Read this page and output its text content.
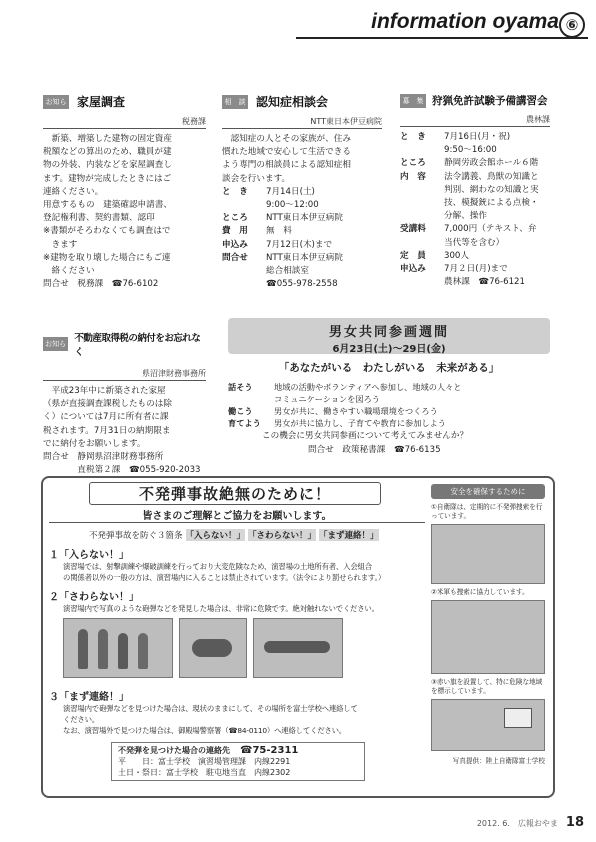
information oyama ⑥
お知らせ
家屋調査
税務課

　新築、増築した建物の固定資産

税額などの算出のため、職員が建

物の外装、内装などを家屋調査し

ます。建物が完成したときにはご

連絡ください。

用意するもの　建築確認申請書、

登記権利書、契約書類、認印

※書類がそろわなくても調査はで

　きます

※建物を取り壊した場合にもご連

　絡ください

問合せ　税務課　☎76-6102

お知らせ
不動産取得税の納付をお忘れなく
県沼津財務事務所

　平成23年中に新築された家屋

（県が直接調査課税したものは除

く）については7月に所有者に課

税されます。7月31日の納期限ま

でに納付をお願いします。

問合せ　静岡県沼津財務事務所

　　　　直税第２課　☎055-920-2033

相　談 認知症相談会
NTT東日本伊豆病院

　認知症の人とその家族が、住み

慣れた地域で安心して生活できる

よう専門の相談員による認知症相

談会を行います。

と　き	7月14日(土)
9:00～12:00
ところ	NTT東日本伊豆病院
費　用	無　料
申込み	7月12日(木)まで
問合せ	NTT東日本伊豆病院
総合相談室
☎055-978-2558
募　集 狩猟免許試験予備講習会
農林課
と　き	7月16日(月・祝)
9:50～16:00
ところ	静岡労政会館ホール６階
内　容	法令講義、鳥獣の知識と
判別、網わなの知識と実
技、模擬銃による点検・
分解、操作
受講料	7,000円（テキスト、弁
当代等を含む）
定　員	300人
申込み	7月２日(月)まで
農林課　☎76-6121
男女共同参画週間
6月23日(土)～29日(金)
「あなたがいる　わたしがいる　未来がある」
話そう	地域の活動やボランティアへ参加し、地域の人々と
コミュニケーションを図ろう
働こう	男女が共に、働きやすい職場環境をつくろう
育てよう	男女が共に協力し、子育てや教育に参加しよう
この機会に男女共同参画について考えてみませんか？
問合せ　政策秘書課　☎76-6135
不発弾事故絶無のために！
皆さまのご理解とご協力をお願いします。
不発弾事故を防ぐ３箇条 「入らない！」 「さわらない！」 「まず連絡！」
１「入らない！」
演習場では、射撃訓練や爆破訓練を行っており大変危険なため、演習場の土地所有者、入会組合
の関係者以外の一般の方は、演習場内に入ることは禁止されています。（法令により罰せられます。）
２「さわらない！」
演習場内で写真のような砲弾などを発見した場合は、非常に危険です。絶対触れないでください。
３「まず連絡！」
演習場内で砲弾などを見つけた場合は、現状のままにして、その場所を富士学校へ連絡して
ください。
なお、演習場外で見つけた場合は、御殿場警察署（☎84-0110）へ連絡してください。
不発弾を見つけた場合の連絡先 ☎75-2311
平　　日：富士学校　演習場管理課　内線2291
土日・祭日：富士学校　駐屯地当直　内線2302
安全を確保するために
①自衛隊は、定期的に不発弾捜索を行っています。
②米軍も捜索に協力しています。
③赤い旗を設置して、特に危険な地域を標示しています。
写真提供：陸上自衛隊富士学校
2012. 6.　広報おやま 18
